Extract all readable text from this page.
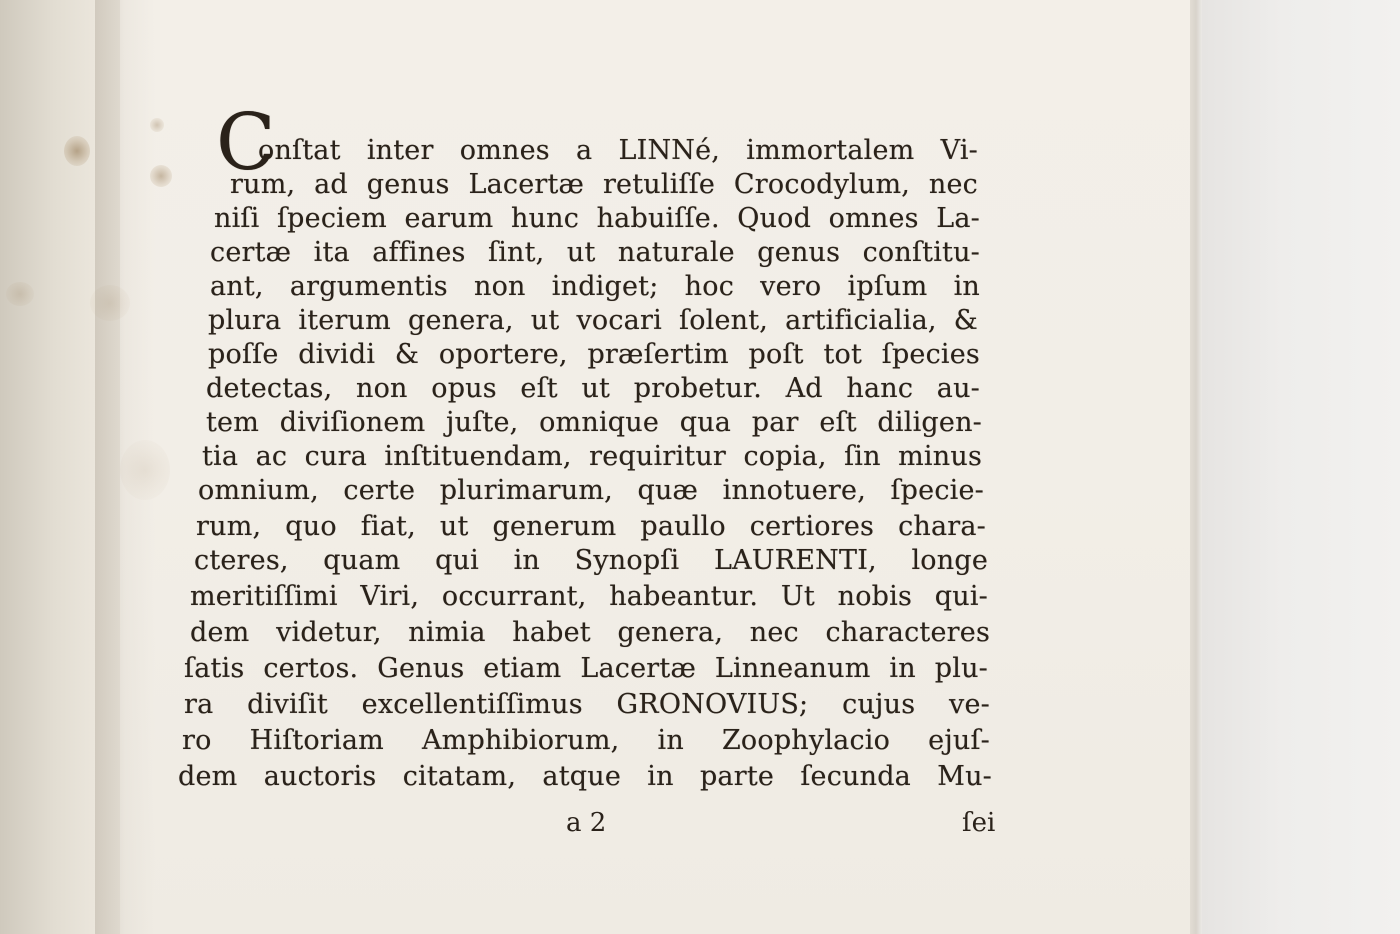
C
onſtat inter omnes a LINNé, immortalem Vi-
rum, ad genus Lacertæ retuliſſe Crocodylum, nec
niſi ſpeciem earum hunc habuiſſe. Quod omnes La-
certæ ita affines ſint, ut naturale genus conſtitu-
ant, argumentis non indiget; hoc vero ipſum in
plura iterum genera, ut vocari ſolent, artificialia, &
poſſe dividi & oportere, præſertim poſt tot ſpecies
detectas, non opus eſt ut probetur. Ad hanc au-
tem diviſionem juſte, omnique qua par eſt diligen-
tia ac cura inſtituendam, requiritur copia, ſin minus
omnium, certe plurimarum, quæ innotuere, ſpecie-
rum, quo fiat, ut generum paullo certiores chara-
cteres, quam qui in Synopſi LAURENTI, longe
meritiſſimi Viri, occurrant, habeantur. Ut nobis qui-
dem videtur, nimia habet genera, nec characteres
ſatis certos. Genus etiam Lacertæ Linneanum in plu-
ra diviſit excellentiſſimus GRONOVIUS; cujus ve-
ro Hiſtoriam Amphibiorum, in Zoophylacio ejuſ-
dem auctoris citatam, atque in parte ſecunda Mu-
a 2	ſei
